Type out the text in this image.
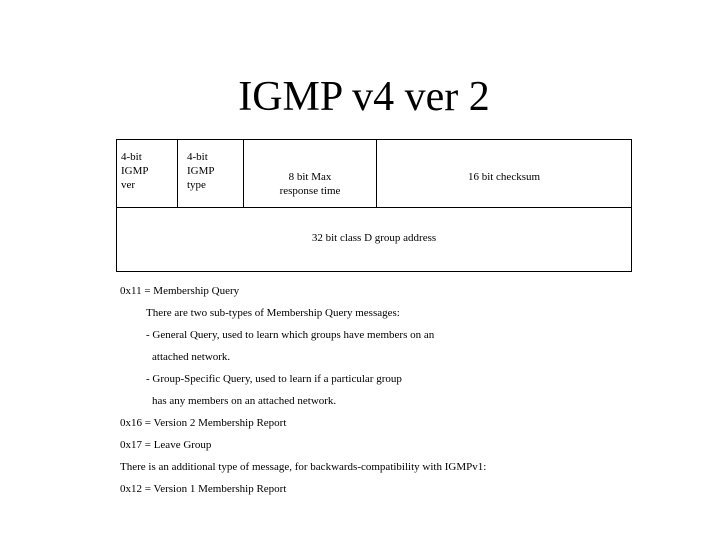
IGMP v4 ver 2
4-bit
IGMP
ver
4-bit
IGMP
type
8 bit Max
response time
16 bit checksum
32 bit class D group address
0x11 = Membership Query
There are two sub-types of Membership Query messages:
- General Query, used to learn which groups have members on an
attached network.
- Group-Specific Query, used to learn if a particular group
has any members on an attached network.
0x16 = Version 2 Membership Report
0x17 = Leave Group
There is an additional type of message, for backwards-compatibility with IGMPv1:
0x12 = Version 1 Membership Report
